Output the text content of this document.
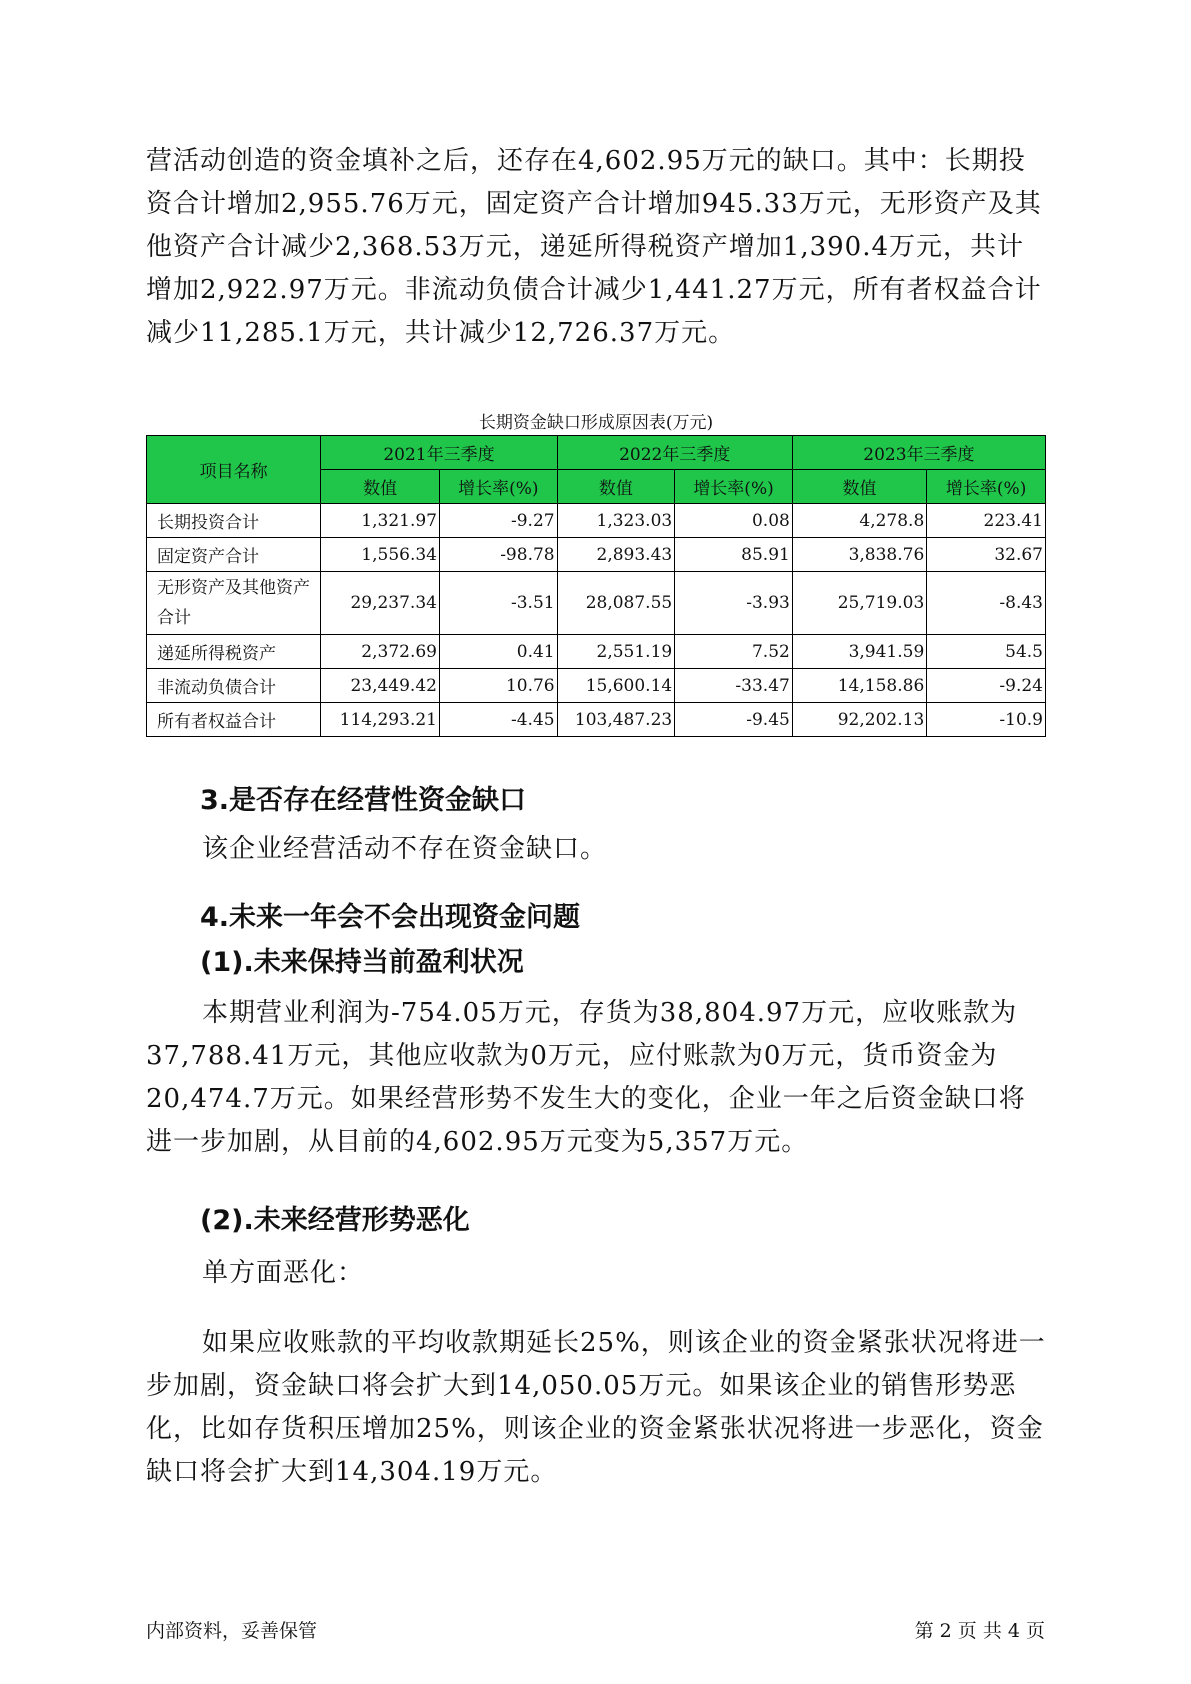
营活动创造的资金填补之后，还存在4,602.95万元的缺口。其中：长期投资合计增加2,955.76万元，固定资产合计增加945.33万元，无形资产及其他资产合计减少2,368.53万元，递延所得税资产增加1,390.4万元，共计增加2,922.97万元。非流动负债合计减少1,441.27万元，所有者权益合计减少11,285.1万元，共计减少12,726.37万元。

长期资金缺口形成原因表(万元)

项目名称	2021年三季度		2022年三季度		2023年三季度	
	数值	增长率(%)	数值	增长率(%)	数值	增长率(%)
长期投资合计	1,321.97	-9.27	1,323.03	0.08	4,278.8	223.41
固定资产合计	1,556.34	-98.78	2,893.43	85.91	3,838.76	32.67
无形资产及其他资产合计	29,237.34	-3.51	28,087.55	-3.93	25,719.03	-8.43
递延所得税资产	2,372.69	0.41	2,551.19	7.52	3,941.59	54.5
非流动负债合计	23,449.42	10.76	15,600.14	-33.47	14,158.86	-9.24
所有者权益合计	114,293.21	-4.45	103,487.23	-9.45	92,202.13	-10.9

3.是否存在经营性资金缺口

该企业经营活动不存在资金缺口。

4.未来一年会不会出现资金问题

(1).未来保持当前盈利状况

本期营业利润为-754.05万元，存货为38,804.97万元，应收账款为37,788.41万元，其他应收款为0万元，应付账款为0万元，货币资金为20,474.7万元。如果经营形势不发生大的变化，企业一年之后资金缺口将进一步加剧，从目前的4,602.95万元变为5,357万元。

(2).未来经营形势恶化

单方面恶化：

如果应收账款的平均收款期延长25%，则该企业的资金紧张状况将进一步加剧，资金缺口将会扩大到14,050.05万元。如果该企业的销售形势恶化，比如存货积压增加25%，则该企业的资金紧张状况将进一步恶化，资金缺口将会扩大到14,304.19万元。

内部资料，妥善保管	第 2 页 共 4 页
